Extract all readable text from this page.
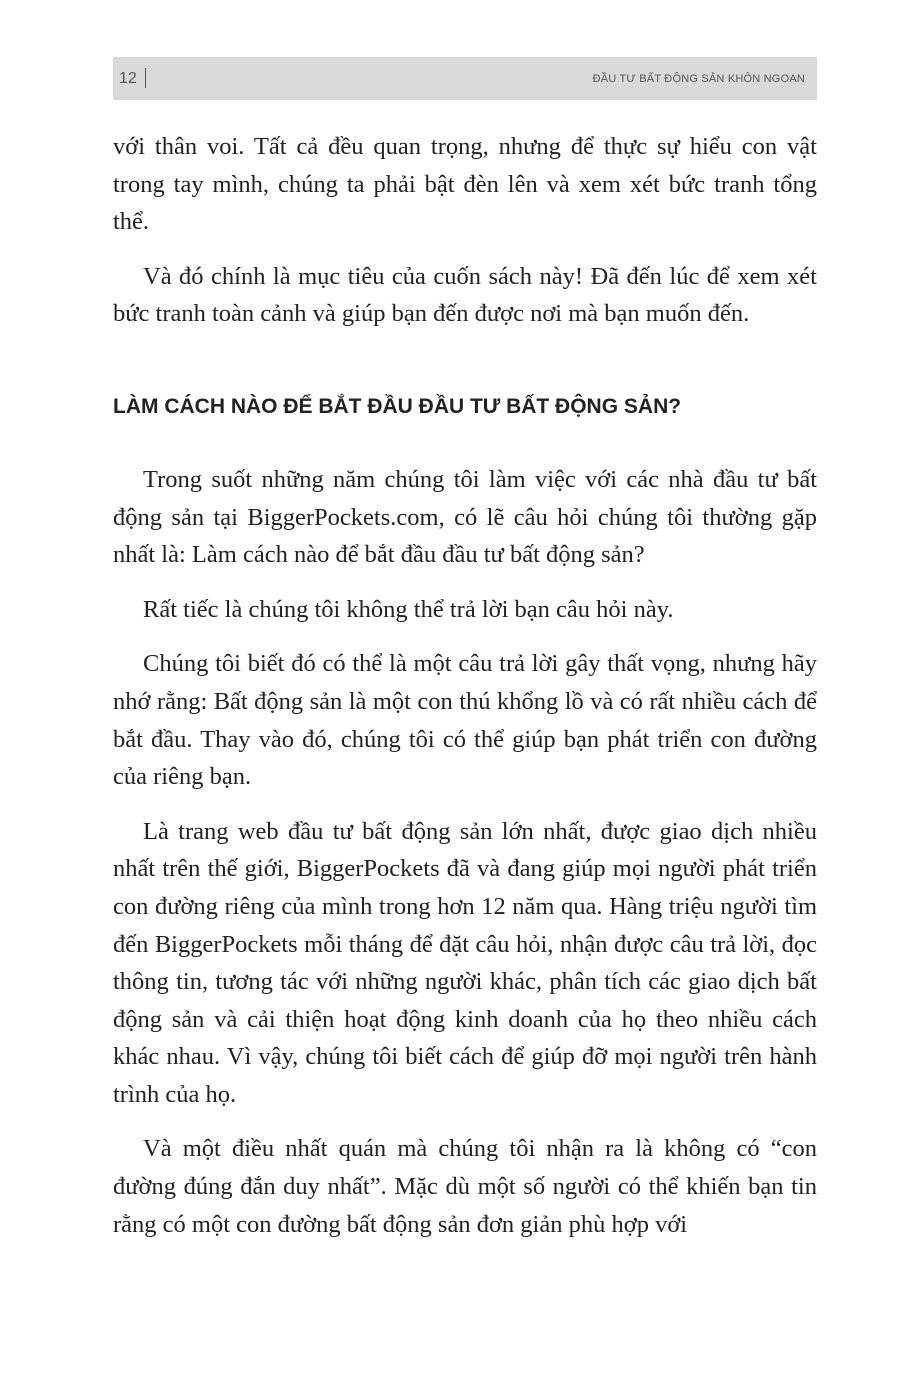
12	ĐẦU TƯ BẤT ĐỘNG SẢN KHÔN NGOAN

với thân voi. Tất cả đều quan trọng, nhưng để thực sự hiểu con vật trong tay mình, chúng ta phải bật đèn lên và xem xét bức tranh tổng thể.

Và đó chính là mục tiêu của cuốn sách này! Đã đến lúc để xem xét bức tranh toàn cảnh và giúp bạn đến được nơi mà bạn muốn đến.

LÀM CÁCH NÀO ĐỂ BẮT ĐẦU ĐẦU TƯ BẤT ĐỘNG SẢN?

Trong suốt những năm chúng tôi làm việc với các nhà đầu tư bất động sản tại BiggerPockets.com, có lẽ câu hỏi chúng tôi thường gặp nhất là: Làm cách nào để bắt đầu đầu tư bất động sản?

Rất tiếc là chúng tôi không thể trả lời bạn câu hỏi này.

Chúng tôi biết đó có thể là một câu trả lời gây thất vọng, nhưng hãy nhớ rằng: Bất động sản là một con thú khổng lồ và có rất nhiều cách để bắt đầu. Thay vào đó, chúng tôi có thể giúp bạn phát triển con đường của riêng bạn.

Là trang web đầu tư bất động sản lớn nhất, được giao dịch nhiều nhất trên thế giới, BiggerPockets đã và đang giúp mọi người phát triển con đường riêng của mình trong hơn 12 năm qua. Hàng triệu người tìm đến BiggerPockets mỗi tháng để đặt câu hỏi, nhận được câu trả lời, đọc thông tin, tương tác với những người khác, phân tích các giao dịch bất động sản và cải thiện hoạt động kinh doanh của họ theo nhiều cách khác nhau. Vì vậy, chúng tôi biết cách để giúp đỡ mọi người trên hành trình của họ.

Và một điều nhất quán mà chúng tôi nhận ra là không có “con đường đúng đắn duy nhất”. Mặc dù một số người có thể khiến bạn tin rằng có một con đường bất động sản đơn giản phù hợp với
